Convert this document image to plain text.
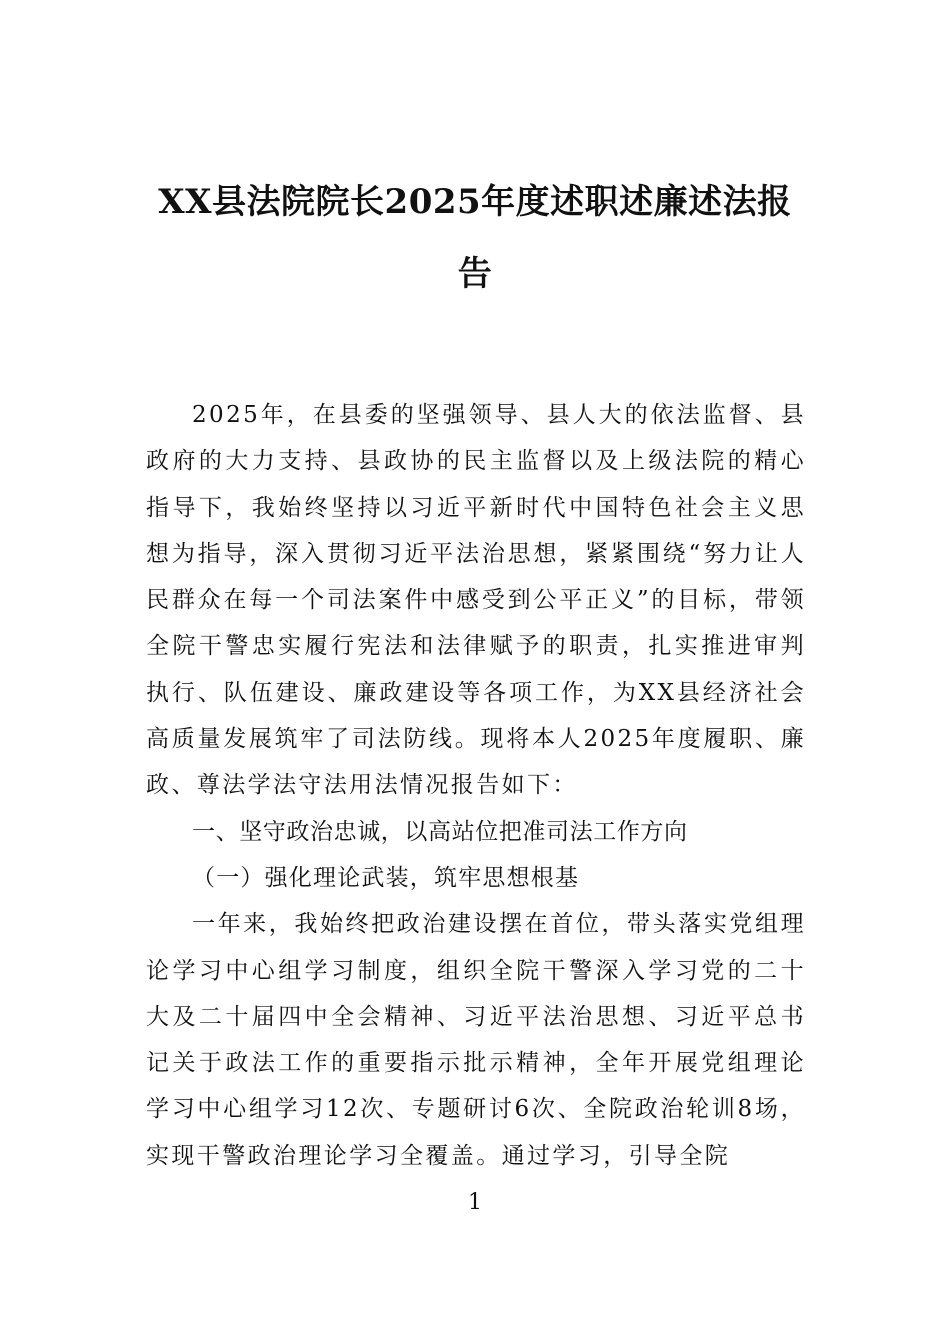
XX县法院院长2025年度述职述廉述法报
告

2025年，在县委的坚强领导、县人大的依法监督、县政府的大力支持、县政协的民主监督以及上级法院的精心指导下，我始终坚持以习近平新时代中国特色社会主义思想为指导，深入贯彻习近平法治思想，紧紧围绕“努力让人民群众在每一个司法案件中感受到公平正义”的目标，带领全院干警忠实履行宪法和法律赋予的职责，扎实推进审判执行、队伍建设、廉政建设等各项工作，为XX县经济社会高质量发展筑牢了司法防线。现将本人2025年度履职、廉政、尊法学法守法用法情况报告如下：

一、坚守政治忠诚，以高站位把准司法工作方向

（一）强化理论武装，筑牢思想根基

一年来，我始终把政治建设摆在首位，带头落实党组理论学习中心组学习制度，组织全院干警深入学习党的二十大及二十届四中全会精神、习近平法治思想、习近平总书记关于政法工作的重要指示批示精神，全年开展党组理论学习中心组学习12次、专题研讨6次、全院政治轮训8场，实现干警政治理论学习全覆盖。通过学习，引导全院

1
